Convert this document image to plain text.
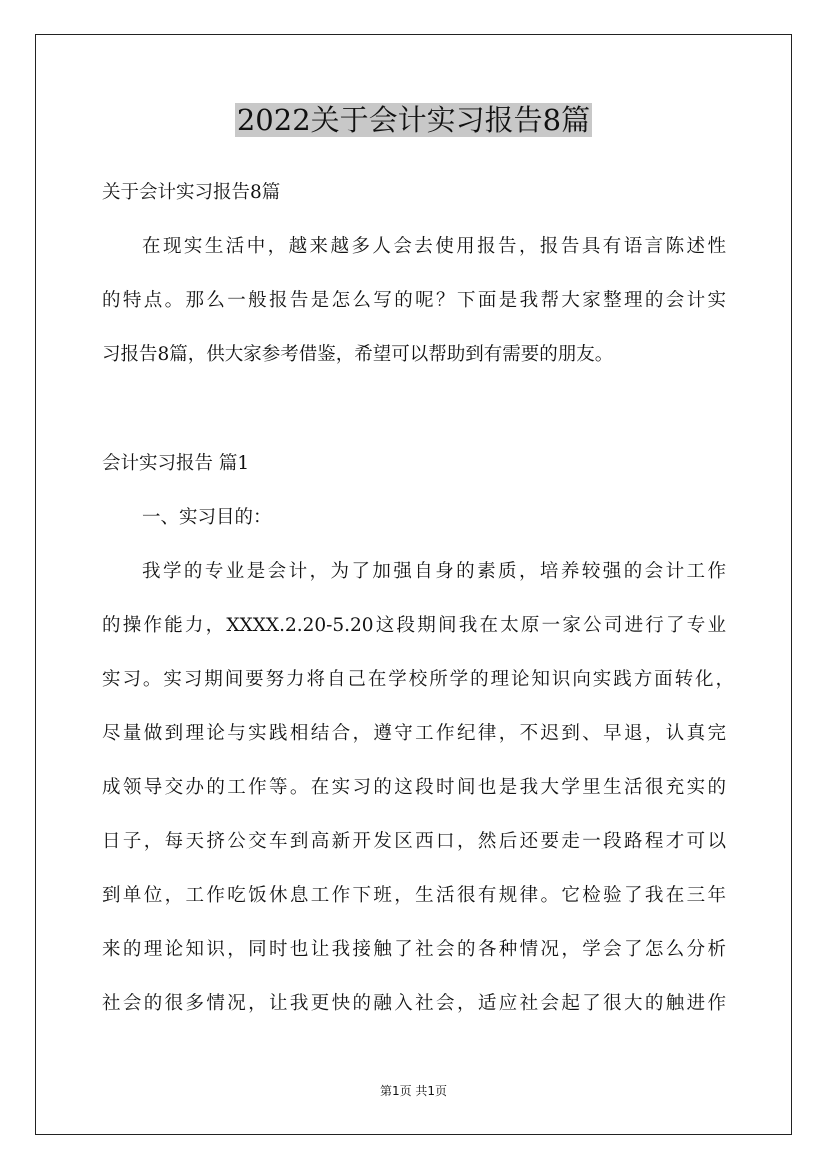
2022关于会计实习报告8篇
关于会计实习报告8篇
在现实生活中，越来越多人会去使用报告，报告具有语言陈述性
的特点。那么一般报告是怎么写的呢？下面是我帮大家整理的会计实
习报告8篇，供大家参考借鉴，希望可以帮助到有需要的朋友。
会计实习报告 篇1
一、实习目的：
我学的专业是会计，为了加强自身的素质，培养较强的会计工作
的操作能力，XXXX.2.20-5.20这段期间我在太原一家公司进行了专业
实习。实习期间要努力将自己在学校所学的理论知识向实践方面转化，
尽量做到理论与实践相结合，遵守工作纪律，不迟到、早退，认真完
成领导交办的工作等。在实习的这段时间也是我大学里生活很充实的
日子，每天挤公交车到高新开发区西口，然后还要走一段路程才可以
到单位，工作吃饭休息工作下班，生活很有规律。它检验了我在三年
来的理论知识，同时也让我接触了社会的各种情况，学会了怎么分析
社会的很多情况，让我更快的融入社会，适应社会起了很大的触进作
第1页 共1页
